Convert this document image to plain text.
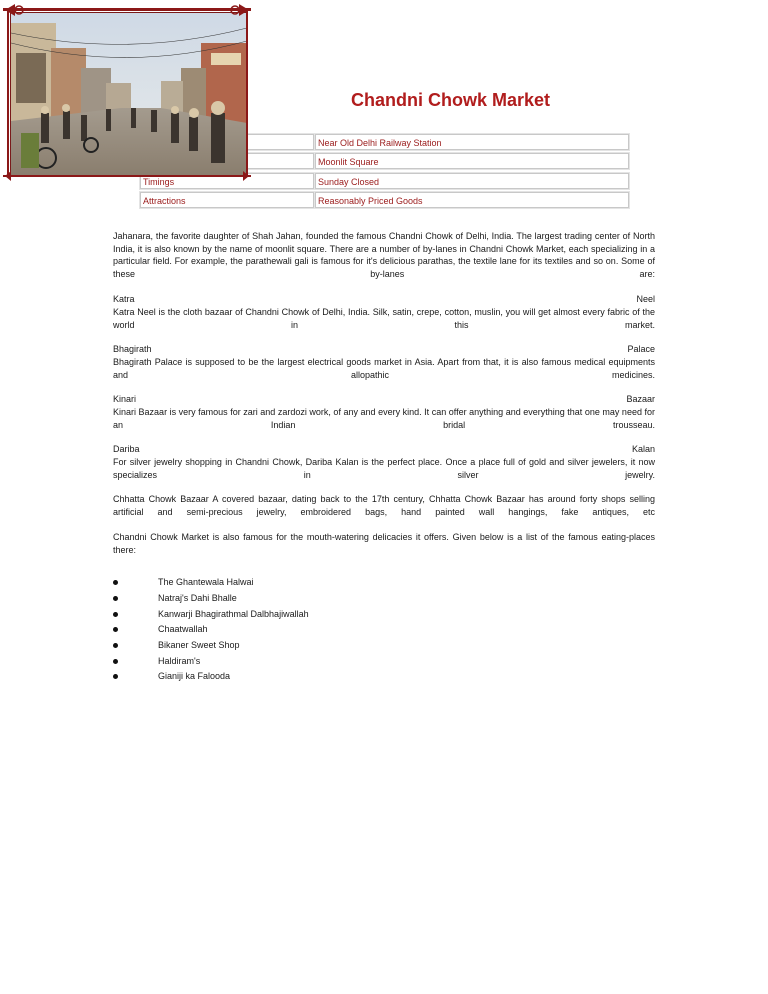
Near Old Delhi Railway Station
Moonlit Square
Timings	Sunday Closed
Attractions	Reasonably Priced Goods
Chandni Chowk Market
Jahanara, the favorite daughter of Shah Jahan, founded the famous Chandni Chowk of Delhi, India. The largest trading center of North India, it is also known by the name of moonlit square. There are a number of by-lanes in Chandni Chowk Market, each specializing in a particular field. For example, the parathewali gali is famous for it's delicious parathas, the textile lane for its textiles and so on. Some of these by-lanes are:
Katra	Neel
Katra Neel is the cloth bazaar of Chandni Chowk of Delhi, India. Silk, satin, crepe, cotton, muslin, you will get almost every fabric of the world in this market.
Bhagirath	Palace
Bhagirath Palace is supposed to be the largest electrical goods market in Asia. Apart from that, it is also famous medical equipments and allopathic medicines.
Kinari	Bazaar
Kinari Bazaar is very famous for zari and zardozi work, of any and every kind. It can offer anything and everything that one may need for an Indian bridal trousseau.
Dariba	Kalan
For silver jewelry shopping in Chandni Chowk, Dariba Kalan is the perfect place. Once a place full of gold and silver jewelers, it now specializes in silver jewelry.
Chhatta Chowk Bazaar A covered bazaar, dating back to the 17th century, Chhatta Chowk Bazaar has around forty shops selling artificial and semi-precious jewelry, embroidered bags, hand painted wall hangings, fake antiques, etc
Chandni Chowk Market is also famous for the mouth-watering delicacies it offers. Given below is a list of the famous eating-places there:
The Ghantewala Halwai
Natraj's Dahi Bhalle
Kanwarji Bhagirathmal Dalbhajiwallah
Chaatwallah
Bikaner Sweet Shop
Haldiram's
Gianiji ka Falooda
